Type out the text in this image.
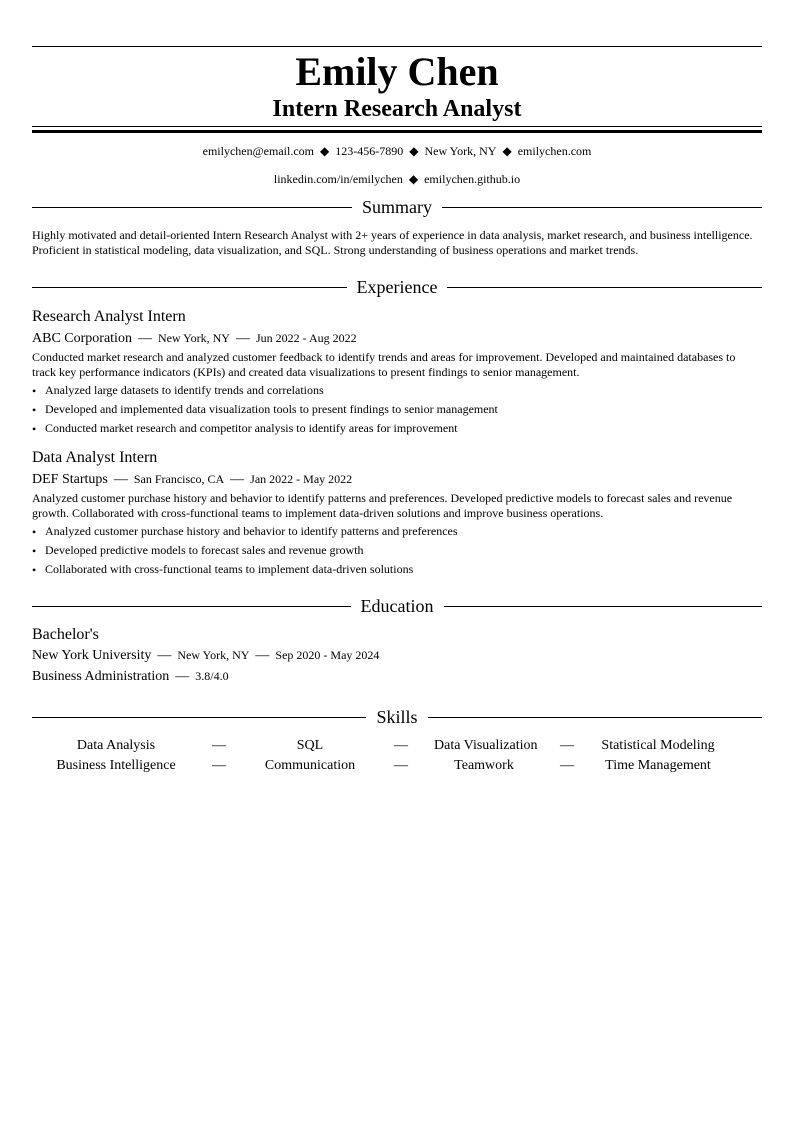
Emily Chen
Intern Research Analyst
emilychen@email.com ◆ 123-456-7890 ◆ New York, NY ◆ emilychen.com
linkedin.com/in/emilychen ◆ emilychen.github.io
Summary
Highly motivated and detail-oriented Intern Research Analyst with 2+ years of experience in data analysis, market research, and business intelligence. Proficient in statistical modeling, data visualization, and SQL. Strong understanding of business operations and market trends.
Experience
Research Analyst Intern
ABC Corporation — New York, NY — Jun 2022 - Aug 2022
Conducted market research and analyzed customer feedback to identify trends and areas for improvement. Developed and maintained databases to track key performance indicators (KPIs) and created data visualizations to present findings to senior management.
• Analyzed large datasets to identify trends and correlations
• Developed and implemented data visualization tools to present findings to senior management
• Conducted market research and competitor analysis to identify areas for improvement
Data Analyst Intern
DEF Startups — San Francisco, CA — Jan 2022 - May 2022
Analyzed customer purchase history and behavior to identify patterns and preferences. Developed predictive models to forecast sales and revenue growth. Collaborated with cross-functional teams to implement data-driven solutions and improve business operations.
• Analyzed customer purchase history and behavior to identify patterns and preferences
• Developed predictive models to forecast sales and revenue growth
• Collaborated with cross-functional teams to implement data-driven solutions
Education
Bachelor's
New York University — New York, NY — Sep 2020 - May 2024
Business Administration — 3.8/4.0
Skills
Data Analysis	—	SQL	—	Data Visualization	—	Statistical Modeling
Business Intelligence	—	Communication	—	Teamwork	—	Time Management
